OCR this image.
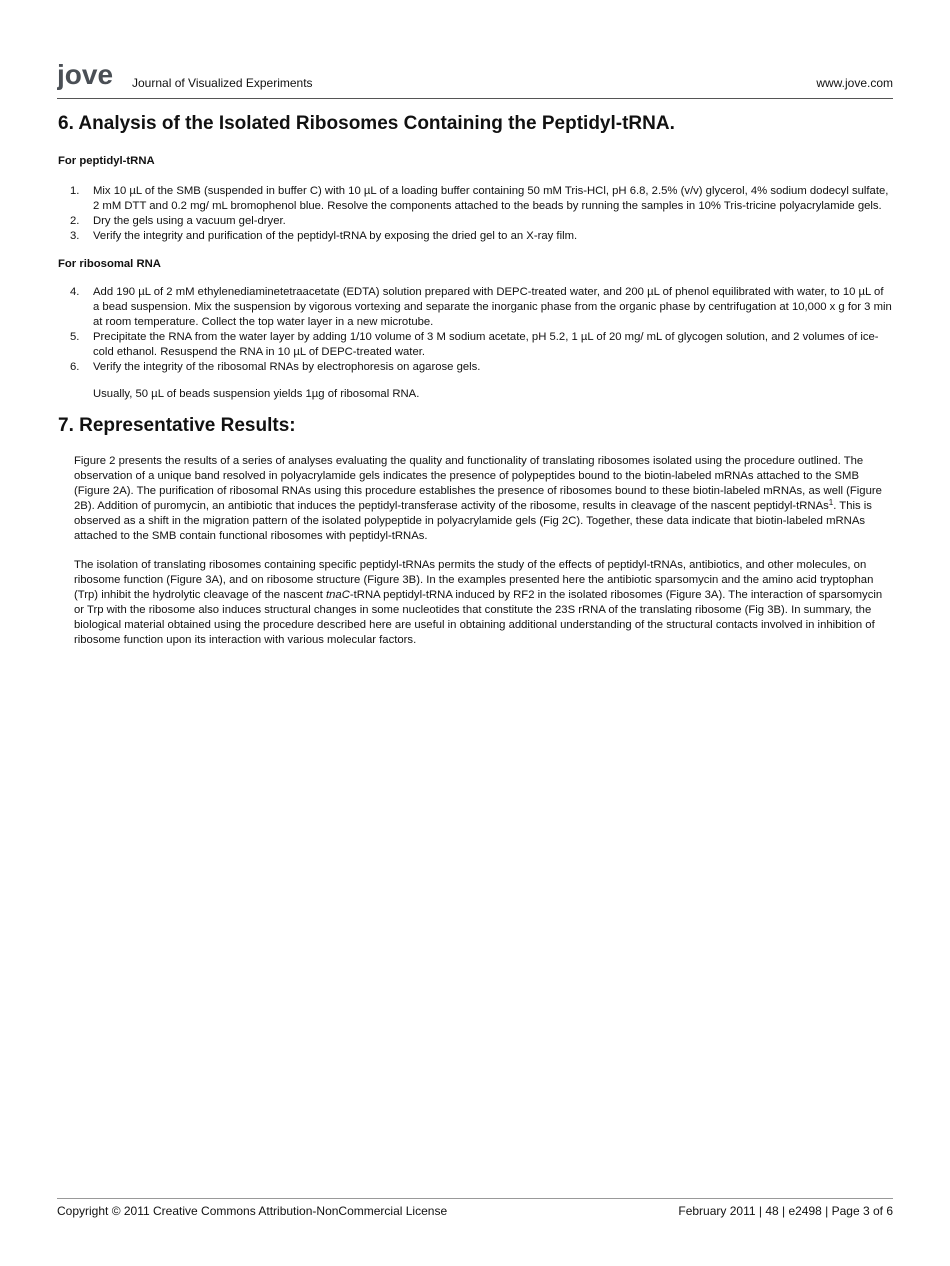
jove Journal of Visualized Experiments	www.jove.com
6. Analysis of the Isolated Ribosomes Containing the Peptidyl-tRNA.

For peptidyl-tRNA

1. Mix 10 µL of the SMB (suspended in buffer C) with 10 µL of a loading buffer containing 50 mM Tris-HCl, pH 6.8, 2.5% (v/v) glycerol, 4% sodium dodecyl sulfate, 2 mM DTT and 0.2 mg/ mL bromophenol blue. Resolve the components attached to the beads by running the samples in 10% Tris-tricine polyacrylamide gels.
2. Dry the gels using a vacuum gel-dryer.
3. Verify the integrity and purification of the peptidyl-tRNA by exposing the dried gel to an X-ray film.

For ribosomal RNA

4. Add 190 µL of 2 mM ethylenediaminetetraacetate (EDTA) solution prepared with DEPC-treated water, and 200 µL of phenol equilibrated with water, to 10 µL of a bead suspension. Mix the suspension by vigorous vortexing and separate the inorganic phase from the organic phase by centrifugation at 10,000 x g for 3 min at room temperature. Collect the top water layer in a new microtube.
5. Precipitate the RNA from the water layer by adding 1/10 volume of 3 M sodium acetate, pH 5.2, 1 µL of 20 mg/ mL of glycogen solution, and 2 volumes of ice-cold ethanol. Resuspend the RNA in 10 µL of DEPC-treated water.
6. Verify the integrity of the ribosomal RNAs by electrophoresis on agarose gels.

Usually, 50 µL of beads suspension yields 1µg of ribosomal RNA.

7. Representative Results:

Figure 2 presents the results of a series of analyses evaluating the quality and functionality of translating ribosomes isolated using the procedure outlined. The observation of a unique band resolved in polyacrylamide gels indicates the presence of polypeptides bound to the biotin-labeled mRNAs attached to the SMB (Figure 2A). The purification of ribosomal RNAs using this procedure establishes the presence of ribosomes bound to these biotin-labeled mRNAs, as well (Figure 2B). Addition of puromycin, an antibiotic that induces the peptidyl-transferase activity of the ribosome, results in cleavage of the nascent peptidyl-tRNAs$^1$. This is observed as a shift in the migration pattern of the isolated polypeptide in polyacrylamide gels (Fig 2C). Together, these data indicate that biotin-labeled mRNAs attached to the SMB contain functional ribosomes with peptidyl-tRNAs.

The isolation of translating ribosomes containing specific peptidyl-tRNAs permits the study of the effects of peptidyl-tRNAs, antibiotics, and other molecules, on ribosome function (Figure 3A), and on ribosome structure (Figure 3B). In the examples presented here the antibiotic sparsomycin and the amino acid tryptophan (Trp) inhibit the hydrolytic cleavage of the nascent tnaC-tRNA peptidyl-tRNA induced by RF2 in the isolated ribosomes (Figure 3A). The interaction of sparsomycin or Trp with the ribosome also induces structural changes in some nucleotides that constitute the 23S rRNA of the translating ribosome (Fig 3B). In summary, the biological material obtained using the procedure described here are useful in obtaining additional understanding of the structural contacts involved in inhibition of ribosome function upon its interaction with various molecular factors.

Copyright © 2011 Creative Commons Attribution-NonCommercial License	February 2011 | 48 | e2498 | Page 3 of 6
